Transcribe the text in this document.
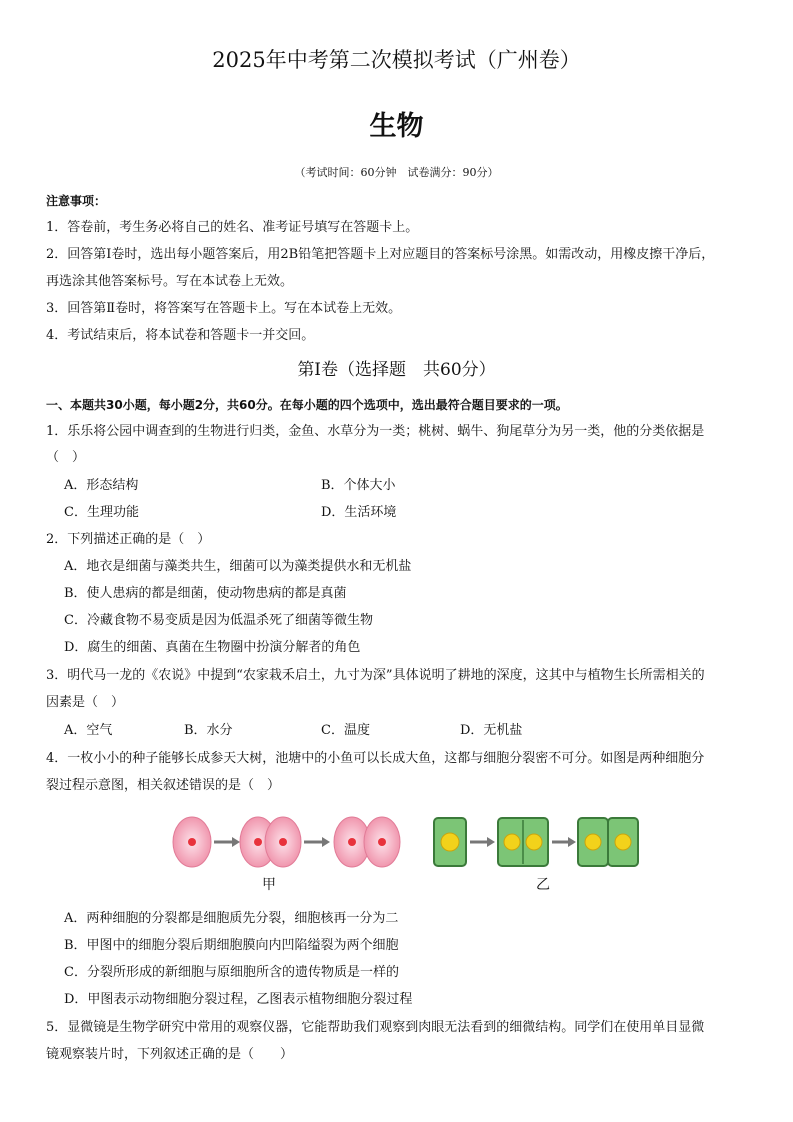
2025年中考第二次模拟考试（广州卷）
生物
（考试时间：60分钟　试卷满分：90分）
注意事项：
1．答卷前，考生务必将自己的姓名、准考证号填写在答题卡上。
2．回答第Ⅰ卷时，选出每小题答案后，用2B铅笔把答题卡上对应题目的答案标号涂黑。如需改动，用橡皮擦干净后，
再选涂其他答案标号。写在本试卷上无效。
3．回答第Ⅱ卷时，将答案写在答题卡上。写在本试卷上无效。
4．考试结束后，将本试卷和答题卡一并交回。
第Ⅰ卷（选择题　共60分）
一、本题共30小题，每小题2分，共60分。在每小题的四个选项中，选出最符合题目要求的一项。
1．乐乐将公园中调查到的生物进行归类，金鱼、水草分为一类；桃树、蜗牛、狗尾草分为另一类，他的分类依据是
（　）
A．形态结构	B．个体大小
C．生理功能	D．生活环境
2．下列描述正确的是（　）
A．地衣是细菌与藻类共生，细菌可以为藻类提供水和无机盐
B．使人患病的都是细菌，使动物患病的都是真菌
C．冷藏食物不易变质是因为低温杀死了细菌等微生物
D．腐生的细菌、真菌在生物圈中扮演分解者的角色
3．明代马一龙的《农说》中提到“农家栽禾启土，九寸为深”具体说明了耕地的深度，这其中与植物生长所需相关的
因素是（　）
A．空气	B．水分	C．温度	D．无机盐
4．一枚小小的种子能够长成参天大树，池塘中的小鱼可以长成大鱼，这都与细胞分裂密不可分。如图是两种细胞分
裂过程示意图，相关叙述错误的是（　）
甲	乙
A．两种细胞的分裂都是细胞质先分裂，细胞核再一分为二
B．甲图中的细胞分裂后期细胞膜向内凹陷缢裂为两个细胞
C．分裂所形成的新细胞与原细胞所含的遗传物质是一样的
D．甲图表示动物细胞分裂过程，乙图表示植物细胞分裂过程
5．显微镜是生物学研究中常用的观察仪器，它能帮助我们观察到肉眼无法看到的细微结构。同学们在使用单目显微
镜观察装片时，下列叙述正确的是（　　）
